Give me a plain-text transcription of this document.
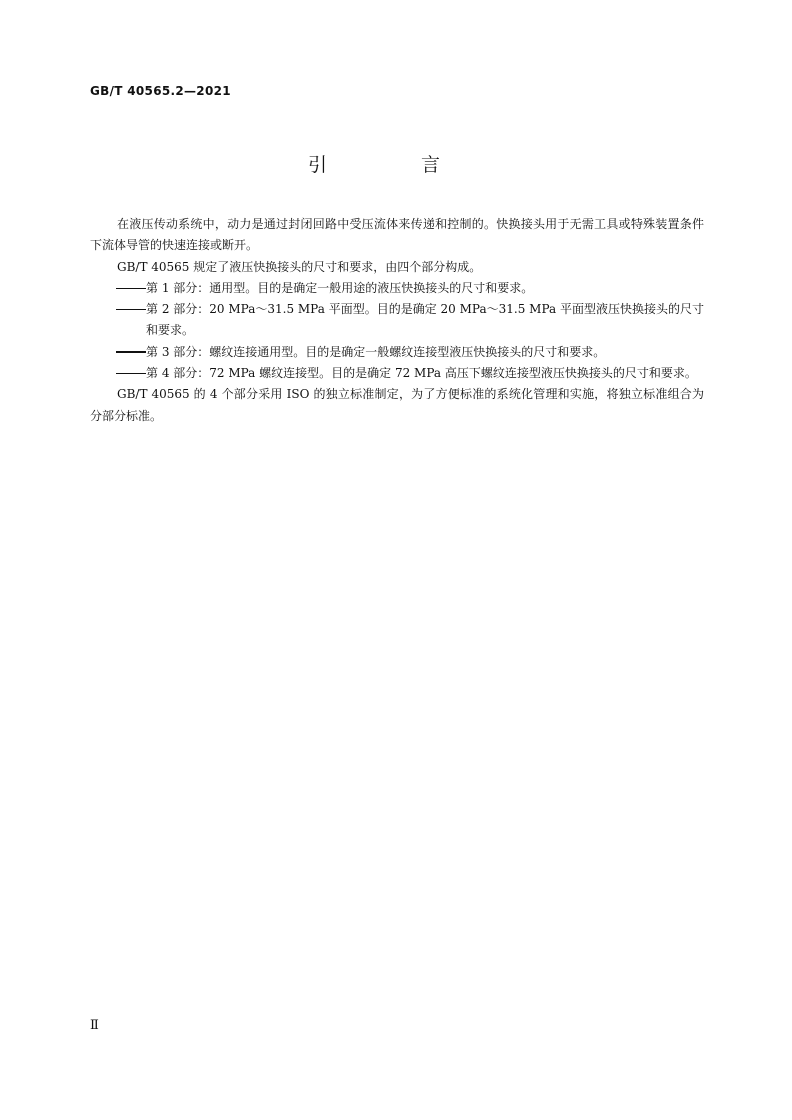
GB/T 40565.2—2021
引 言
在液压传动系统中，动力是通过封闭回路中受压流体来传递和控制的。快换接头用于无需工具或特殊装置条件下流体导管的快速连接或断开。
GB/T 40565 规定了液压快换接头的尺寸和要求，由四个部分构成。
第 1 部分：通用型。目的是确定一般用途的液压快换接头的尺寸和要求。
第 2 部分：20 MPa～31.5 MPa 平面型。目的是确定 20 MPa～31.5 MPa 平面型液压快换接头的尺寸和要求。
第 3 部分：螺纹连接通用型。目的是确定一般螺纹连接型液压快换接头的尺寸和要求。
第 4 部分：72 MPa 螺纹连接型。目的是确定 72 MPa 高压下螺纹连接型液压快换接头的尺寸和要求。
GB/T 40565 的 4 个部分采用 ISO 的独立标准制定，为了方便标准的系统化管理和实施，将独立标准组合为分部分标准。
Ⅱ
